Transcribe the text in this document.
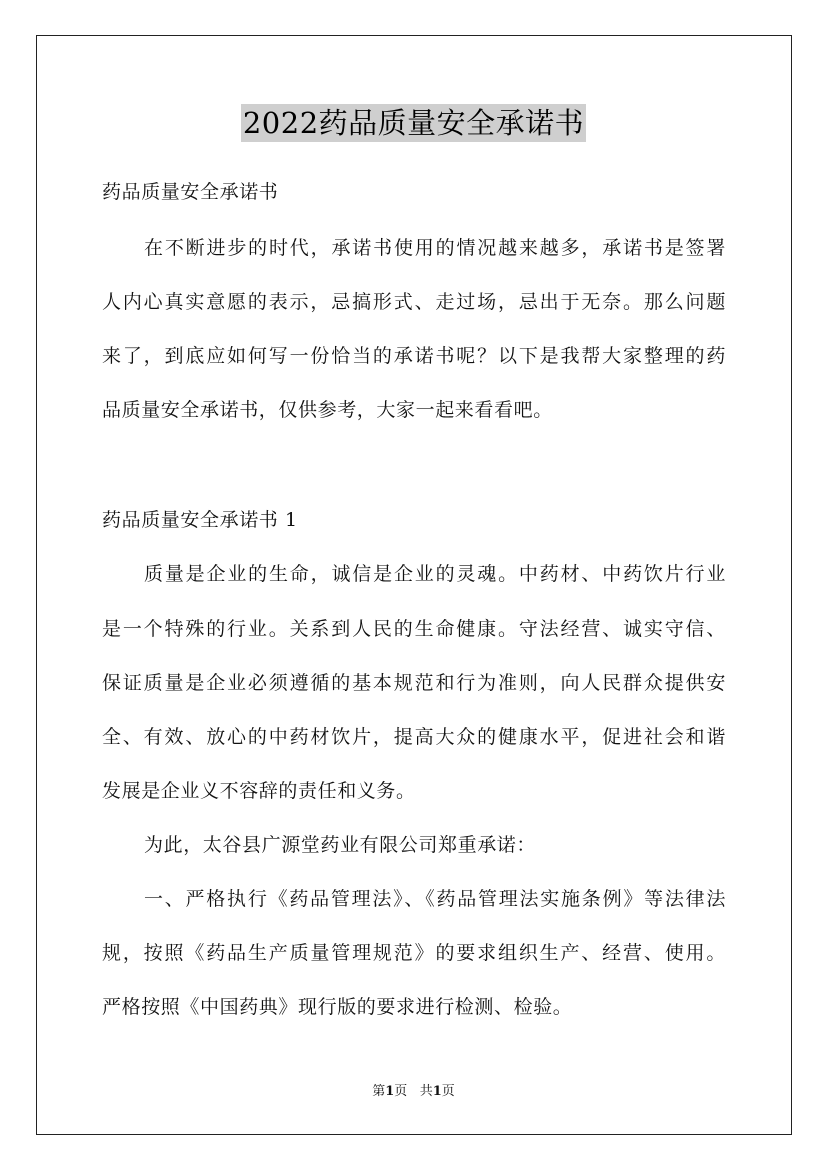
2022药品质量安全承诺书
药品质量安全承诺书
在不断进步的时代，承诺书使用的情况越来越多，承诺书是签署
人内心真实意愿的表示，忌搞形式、走过场，忌出于无奈。那么问题
来了，到底应如何写一份恰当的承诺书呢？以下是我帮大家整理的药
品质量安全承诺书，仅供参考，大家一起来看看吧。
药品质量安全承诺书 1
质量是企业的生命，诚信是企业的灵魂。中药材、中药饮片行业
是一个特殊的行业。关系到人民的生命健康。守法经营、诚实守信、
保证质量是企业必须遵循的基本规范和行为准则，向人民群众提供安
全、有效、放心的中药材饮片，提高大众的健康水平，促进社会和谐
发展是企业义不容辞的责任和义务。
为此，太谷县广源堂药业有限公司郑重承诺：
一、严格执行《药品管理法》、《药品管理法实施条例》等法律法
规，按照《药品生产质量管理规范》的要求组织生产、经营、使用。
严格按照《中国药典》现行版的要求进行检测、检验。
第1页 共1页
